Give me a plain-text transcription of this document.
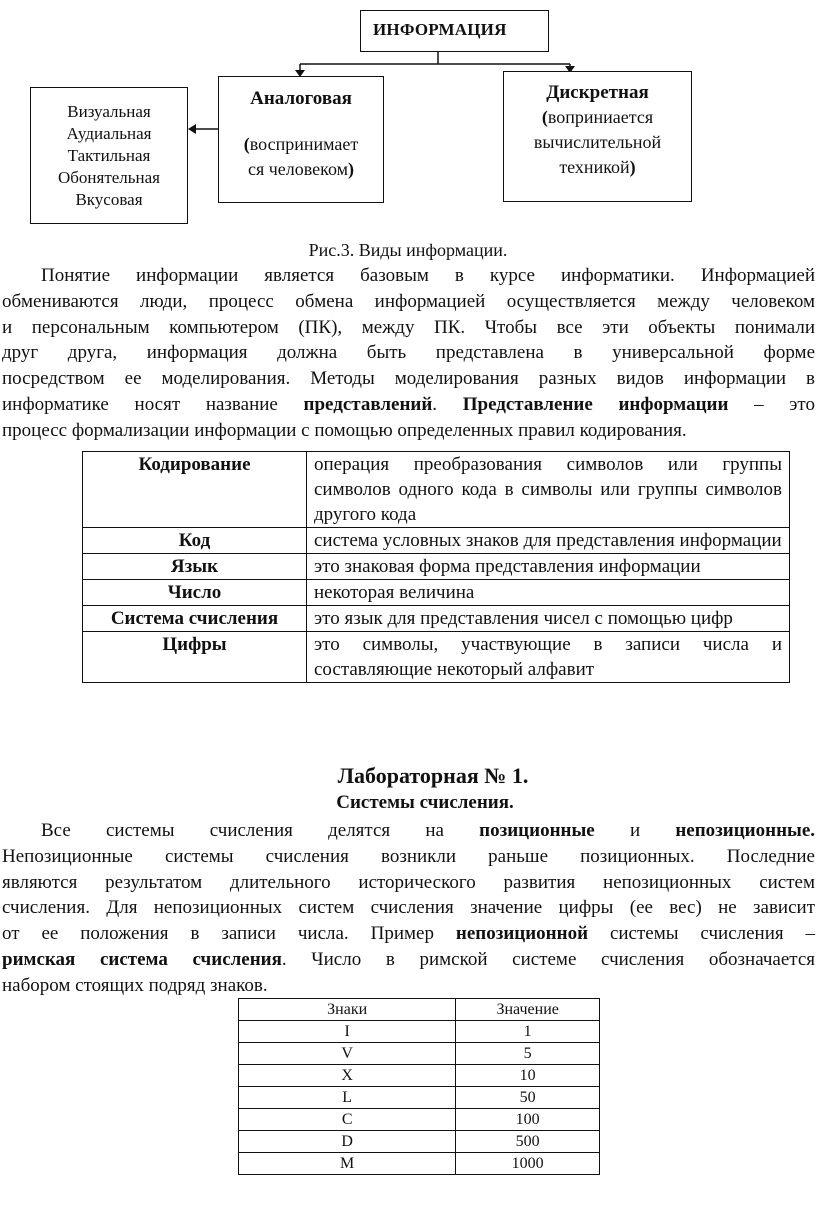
ИНФОРМАЦИЯ
Визуальная
Аудиальная
Тактильная
Обонятельная
Вкусовая
Аналоговая
(воспринимает
ся человеком)
Дискретная
(воприниается
вычислительной
техникой)
Рис.3. Виды информации.
Понятие информации является базовым в курсе информатики. Информацией
обмениваются люди, процесс обмена информацией осуществляется между человеком
и персональным компьютером (ПК), между ПК. Чтобы все эти объекты понимали
друг друга, информация должна быть представлена в универсальной форме
посредством ее моделирования. Методы моделирования разных видов информации в
информатике носят название представлений. Представление информации – это
процесс формализации информации с помощью определенных правил кодирования.
Кодирование	операция преобразования символов или группы символов одного кода в символы или группы символов другого кода
Код	система условных знаков для представления информации
Язык	это знаковая форма представления информации
Число	некоторая величина
Система счисления	это язык для представления чисел с помощью цифр
Цифры	это символы, участвующие в записи числа и составляющие некоторый алфавит
Лабораторная № 1.
Системы счисления.
Все системы счисления делятся на позиционные и непозиционные.
Непозиционные системы счисления возникли раньше позиционных. Последние
являются результатом длительного исторического развития непозиционных систем
счисления. Для непозиционных систем счисления значение цифры (ее вес) не зависит
от ее положения в записи числа. Пример непозиционной системы счисления –
римская система счисления. Число в римской системе счисления обозначается
набором стоящих подряд знаков.
Знаки	Значение
I	1
V	5
X	10
L	50
C	100
D	500
M	1000
